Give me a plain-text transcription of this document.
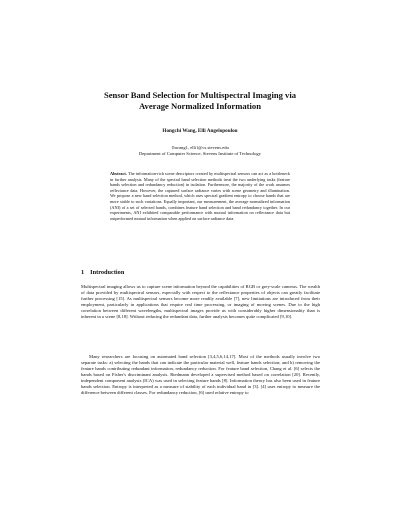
Sensor Band Selection for Multispectral Imaging via
Average Normalized Information
Hongchi Wang, Elli Angelopoulou
{hwang1, elli}@cs.stevens.edu
Department of Computer Science, Stevens Institute of Technology
Abstract. The information-rich scene descriptors created by multispectral sensors can act as a bottleneck in further analysis. Many of the spectral band selection methods treat the two underlying tasks (feature bands selection and redundancy reduction) in isolation. Furthermore, the majority of the work assumes reflectance data. However, the captured surface radiance varies with scene geometry and illumination. We propose a new band selection method, which uses spectral gradient entropy to choose bands that are more stable to such variations. Equally important, our measurement, the average normalized information (ANI) of a set of selected bands, combines feature band selection and band redundancy together. In our experiments, ANI exhibited comparable performance with mutual information on reflectance data but outperformed mutual information when applied on surface radiance data.
1 Introduction
Multispectral imaging allows us to capture scene information beyond the capabilities of RGB or grey-scale cameras. The wealth of data provided by multispectral sensors, especially with respect to the reflectance properties of objects can greatly facilitate further processing [15]. As multispectral sensors become more readily available [7], new limitations are introduced from their employment, particularly in applications that require real time processing, or imaging of moving scenes. Due to the high correlation between different wavelengths, multispectral images provide us with considerably higher dimensionality than is inherent in a scene [8,18]. Without reducing the redundant data, further analysis becomes quite complicated [9,10].
Many researchers are focusing on automated band selection [3,4,5,6,14,17]. Most of the methods usually involve two separate tasks: a) selecting the bands that can indicate the particular material well, feature bands selection; and b) removing the feature bands contributing redundant information, redundancy reduction. For feature band selection, Chang et al. [6] selects the bands based on Fisher's discriminant analysis. Riedmann developed a supervised method based on correlation [20]. Recently, independent component analysis (ICA) was used in selecting feature bands [8]. Information theory has also been used in feature bands selection. Entropy is interpreted as a measure of stability of each individual band in [3]. [4] uses entropy to measure the difference between different classes. For redundancy reduction, [6] used relative entropy to
